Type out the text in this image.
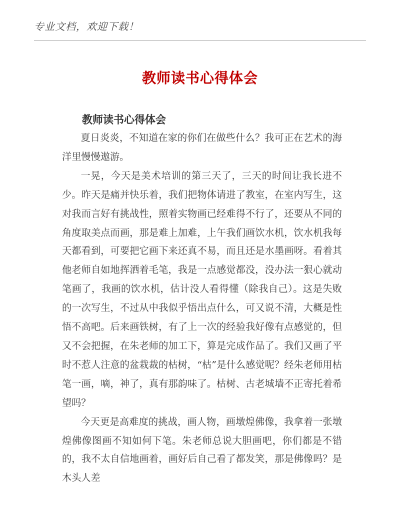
专业文档，欢迎下载！
教师读书心得体会
教师读书心得体会

夏日炎炎，不知道在家的你们在做些什么？我可正在艺术的海洋里慢慢遨游。

一晃，今天是美术培训的第三天了，三天的时间让我长进不少。昨天是痛并快乐着，我们把物体请进了教室，在室内写生，这对我而言好有挑战性，照着实物画已经难得不行了，还要从不同的角度取美点而画，那是难上加难，上午我们画饮水机，饮水机我每天都看到，可要把它画下来还真不易，而且还是水墨画呀。看着其他老师自如地挥洒着毛笔，我是一点感觉都没，没办法一狠心就动笔画了，我画的饮水机，估计没人看得懂（除我自己）。这是失败的一次写生，不过从中我似乎悟出点什么，可又说不清，大概是性悟不高吧。后来画铁树，有了上一次的经验我好像有点感觉的，但又不会把握，在朱老师的加工下，算是完成作品了。我们又画了平时不惹人注意的盆栽裁的枯树，“枯”是什么感觉呢？经朱老师用枯笔一画，嘀，神了，真有那韵味了。枯树、古老城墙不正寄托着希望吗？

今天更是高难度的挑战，画人物，画墩煌佛像，我拿着一张墩煌佛像图画不知如何下笔。朱老师总说大胆画吧，你们都是不错的，我不太自信地画着，画好后自己看了都发笑，那是佛像吗？是木头人差
